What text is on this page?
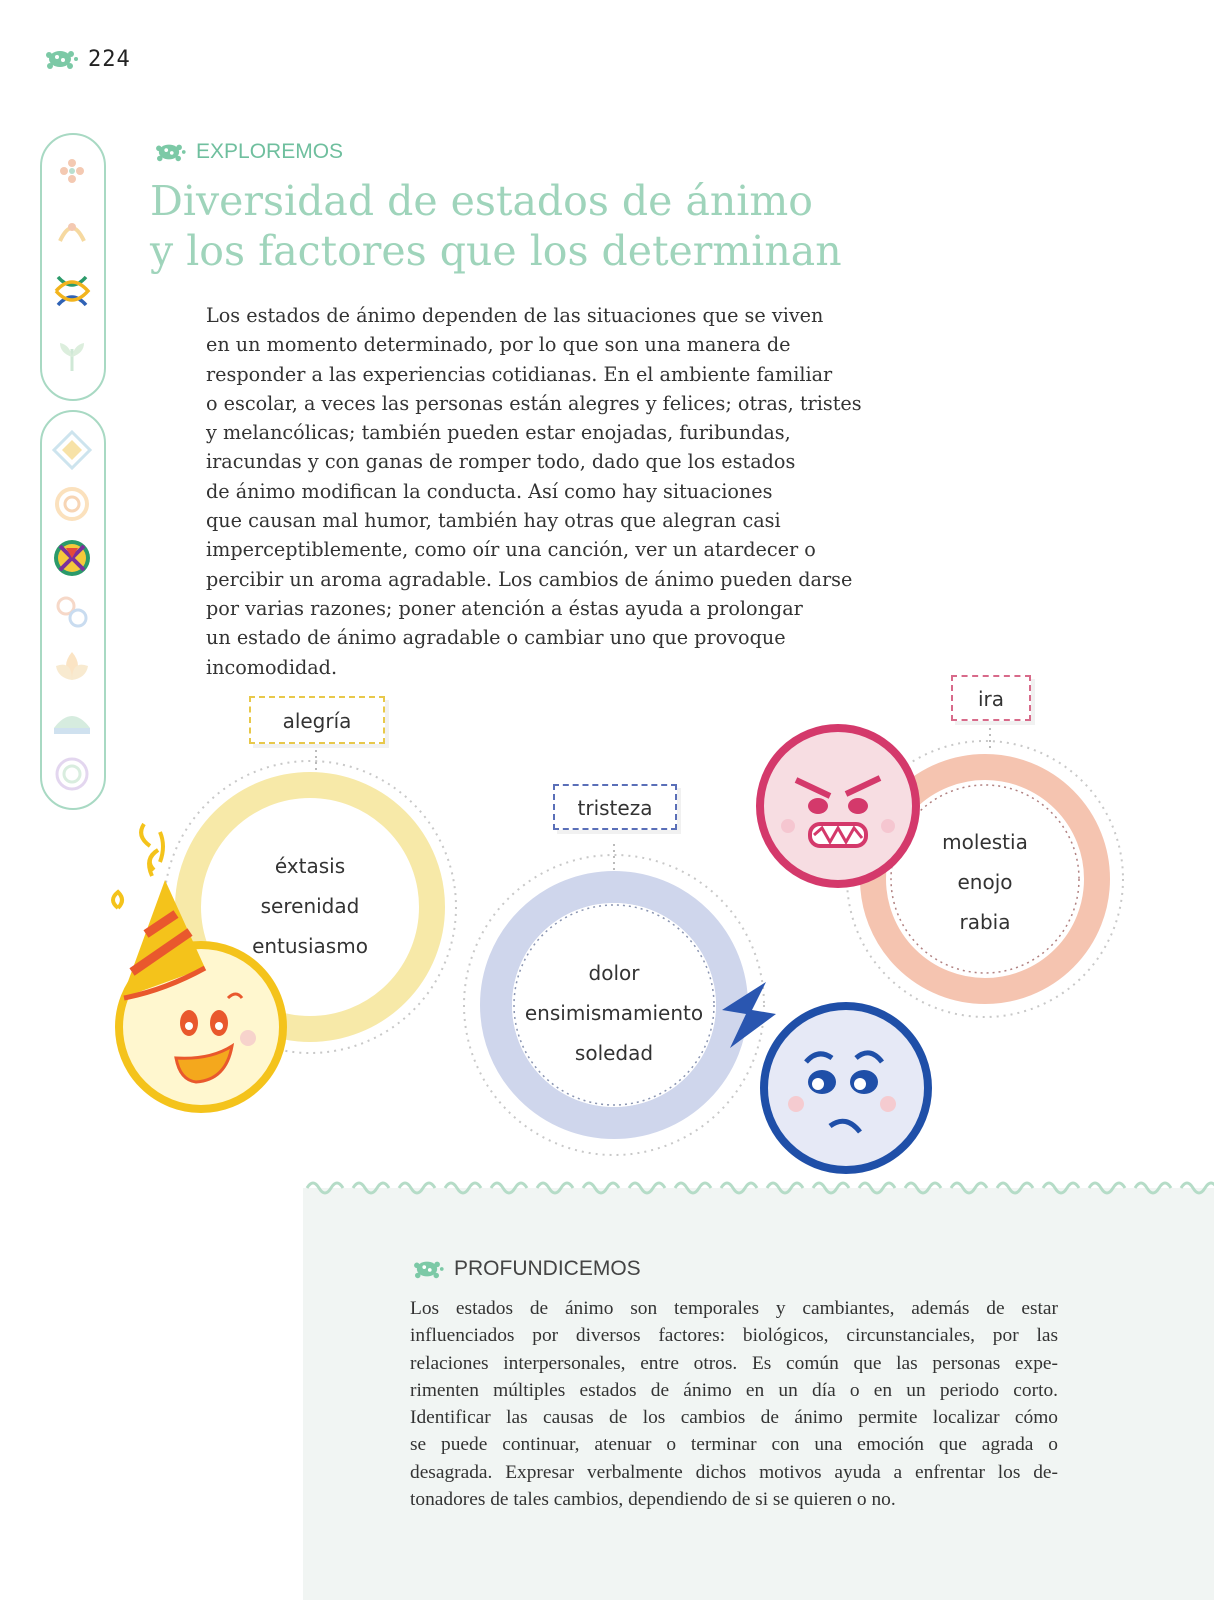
224
EXPLOREMOS
Diversidad de estados de ánimo
y los factores que los determinan

Los estados de ánimo dependen de las situaciones que se viven
en un momento determinado, por lo que son una manera de
responder a las experiencias cotidianas. En el ambiente familiar
o escolar, a veces las personas están alegres y felices; otras, tristes
y melancólicas; también pueden estar enojadas, furibundas,
iracundas y con ganas de romper todo, dado que los estados
de ánimo modifican la conducta. Así como hay situaciones
que causan mal humor, también hay otras que alegran casi
imperceptiblemente, como oír una canción, ver un atardecer o
percibir un aroma agradable. Los cambios de ánimo pueden darse
por varias razones; poner atención a éstas ayuda a prolongar
un estado de ánimo agradable o cambiar uno que provoque
incomodidad.

alegría
tristeza
ira
éxtasis
serenidad
entusiasmo
dolor
ensimismamiento
soledad
molestia
enojo
rabia
PROFUNDICEMOS

Los estados de ánimo son temporales y cambiantes, además de estar
influenciados por diversos factores: biológicos, circunstanciales, por las
relaciones interpersonales, entre otros. Es común que las personas expe-
rimenten múltiples estados de ánimo en un día o en un periodo corto.
Identificar las causas de los cambios de ánimo permite localizar cómo
se puede continuar, atenuar o terminar con una emoción que agrada o
desagrada. Expresar verbalmente dichos motivos ayuda a enfrentar los de-
tonadores de tales cambios, dependiendo de si se quieren o no.
